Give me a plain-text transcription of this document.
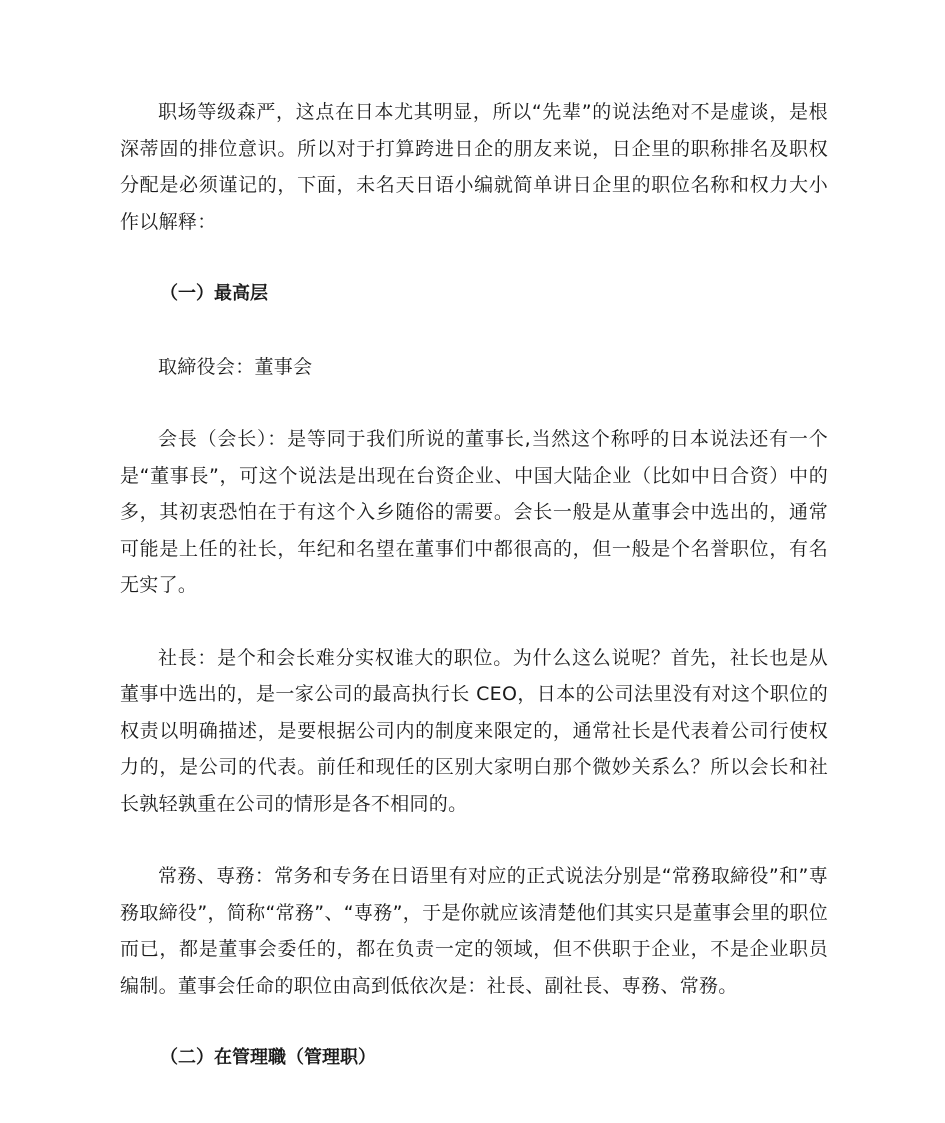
职场等级森严，这点在日本尤其明显，所以“先辈”的说法绝对不是虚谈，是根深蒂固的排位意识。所以对于打算跨进日企的朋友来说，日企里的职称排名及职权分配是必须谨记的，下面，未名天日语小编就简单讲日企里的职位名称和权力大小作以解释：

（一）最高层

取締役会：董事会

会長（会长）：是等同于我们所说的董事长,当然这个称呼的日本说法还有一个是“董事長”，可这个说法是出现在台资企业、中国大陆企业（比如中日合资）中的多，其初衷恐怕在于有这个入乡随俗的需要。会长一般是从董事会中选出的，通常可能是上任的社长，年纪和名望在董事们中都很高的，但一般是个名誉职位，有名无实了。

社長：是个和会长难分实权谁大的职位。为什么这么说呢？首先，社长也是从董事中选出的，是一家公司的最高执行长 CEO，日本的公司法里没有对这个职位的权责以明确描述，是要根据公司内的制度来限定的，通常社长是代表着公司行使权力的，是公司的代表。前任和现任的区别大家明白那个微妙关系么？所以会长和社长孰轻孰重在公司的情形是各不相同的。

常務、専務：常务和专务在日语里有对应的正式说法分别是“常務取締役”和”専務取締役”，简称“常務”、“専務”，于是你就应该清楚他们其实只是董事会里的职位而已，都是董事会委任的，都在负责一定的领域，但不供职于企业，不是企业职员编制。董事会任命的职位由高到低依次是：社長、副社長、専務、常務。

（二）在管理職（管理职）
